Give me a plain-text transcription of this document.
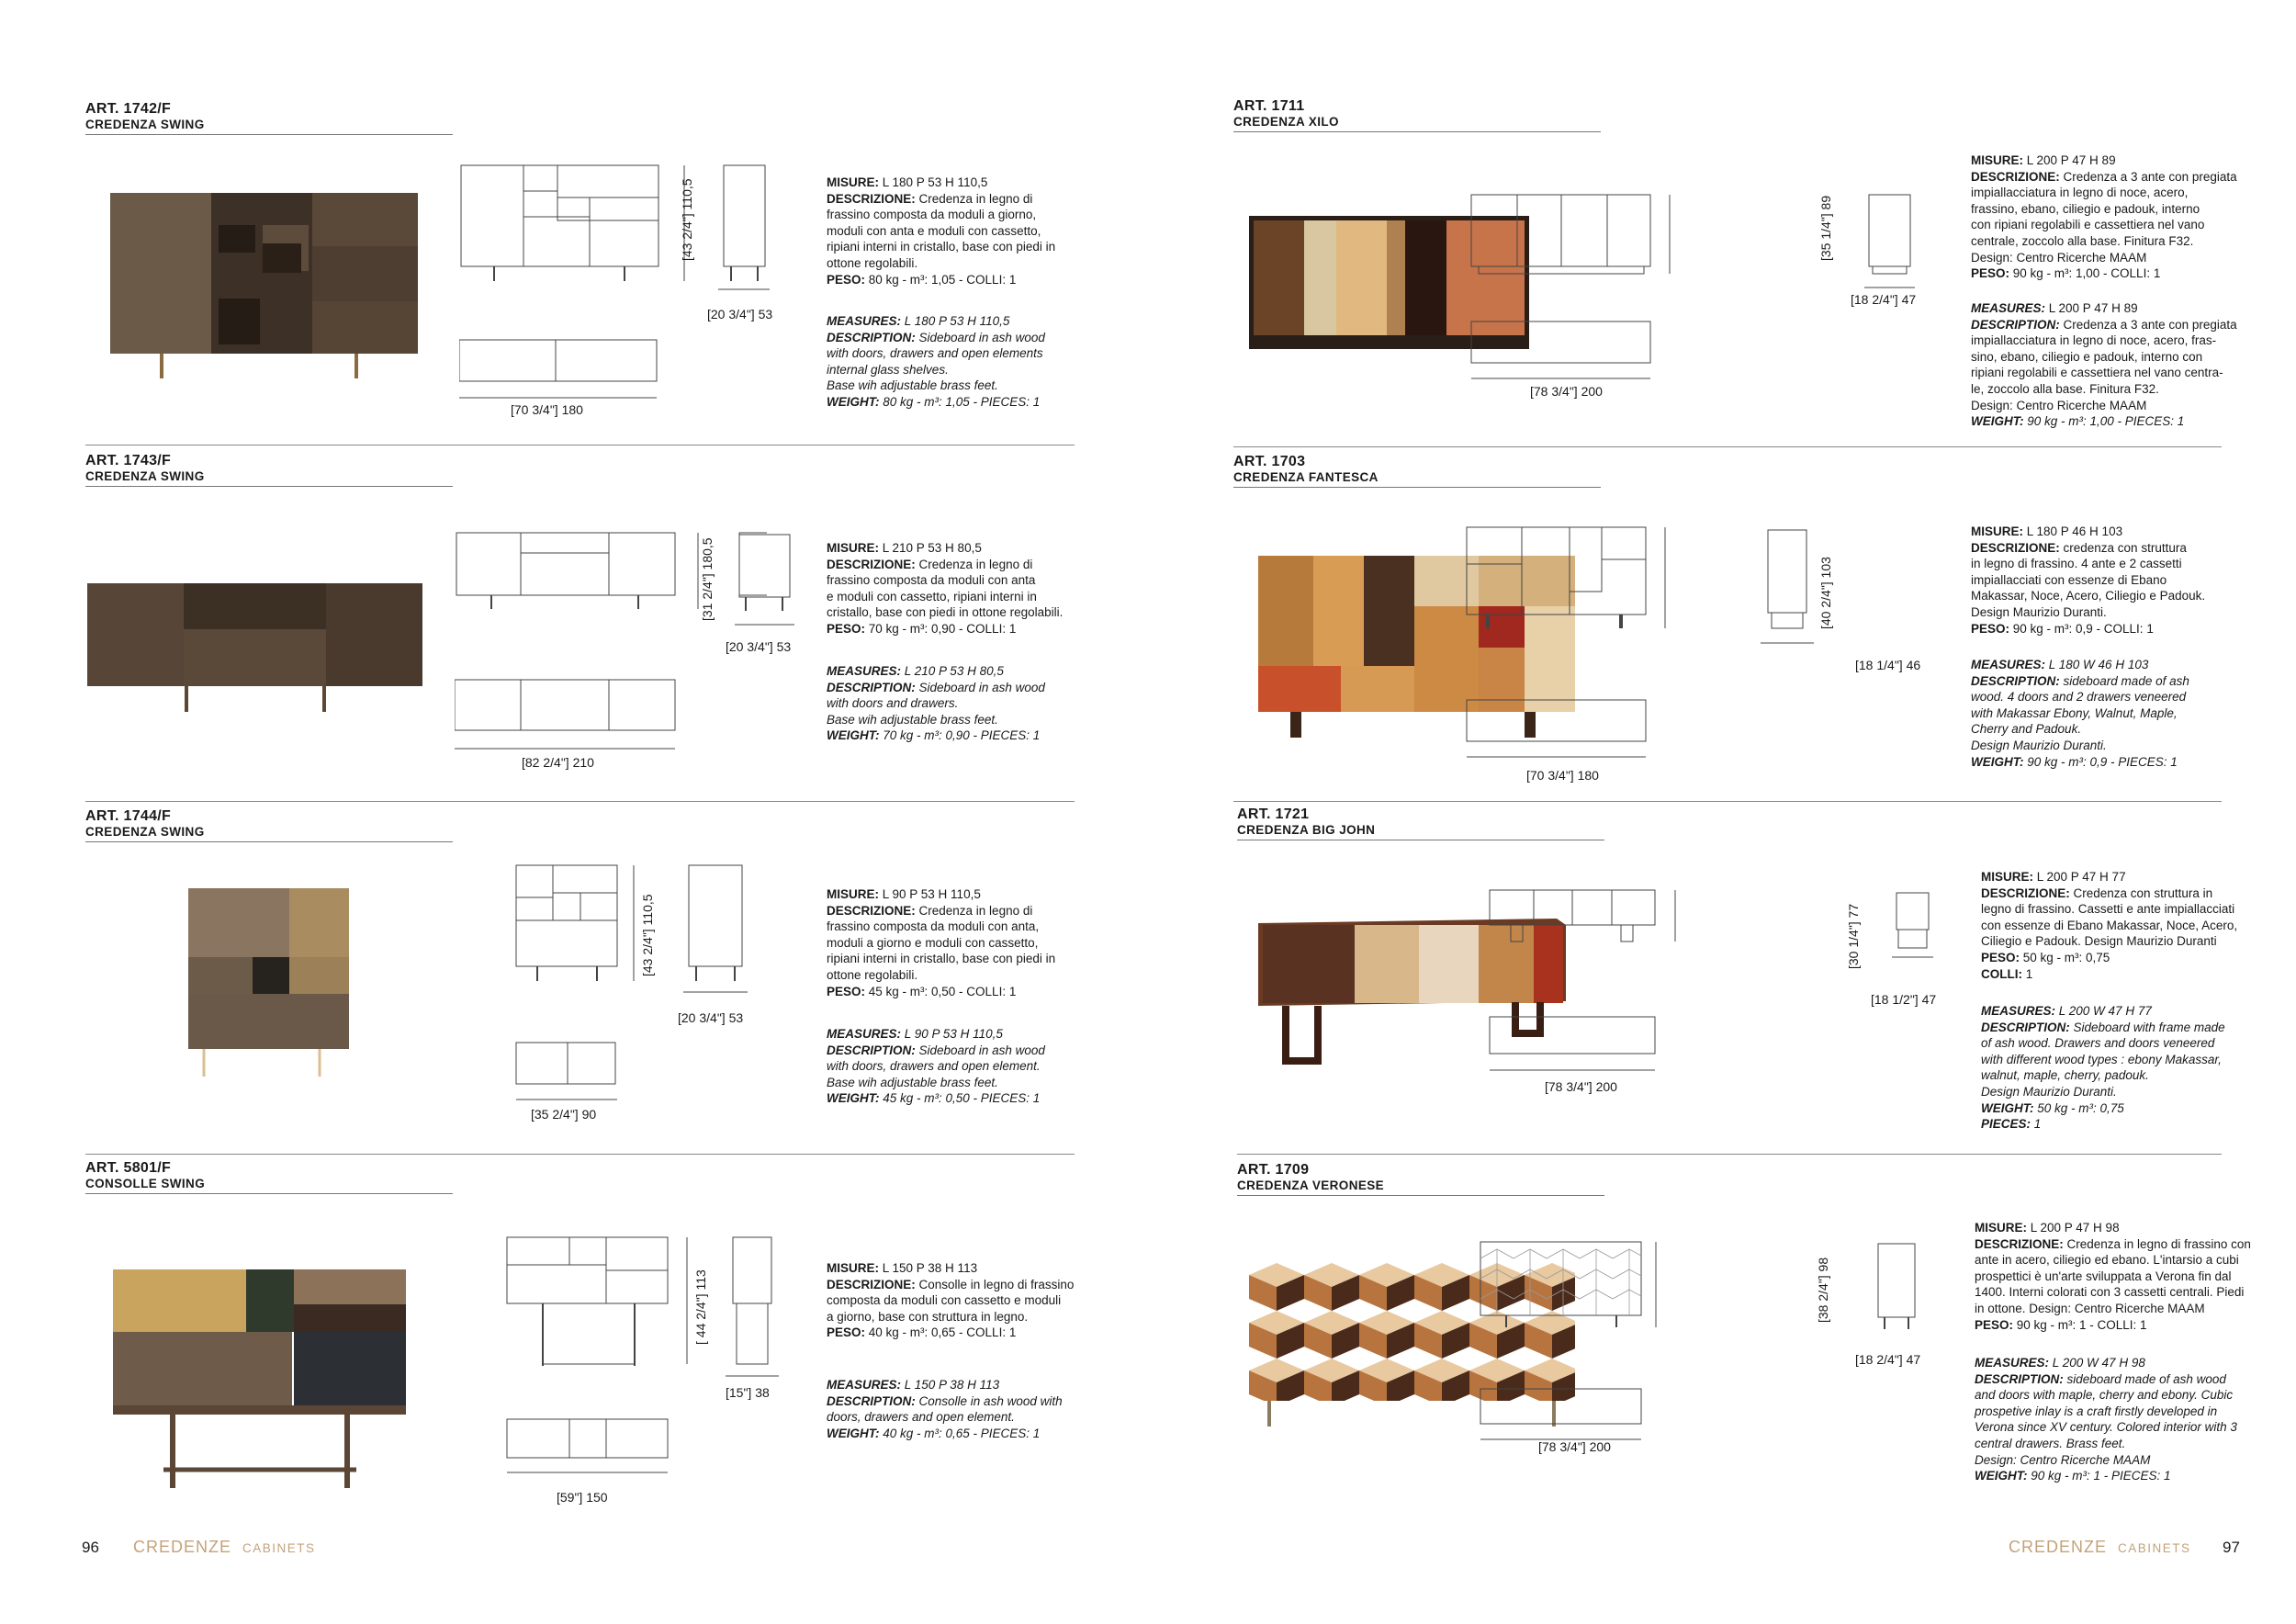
ART. 1742/F
CREDENZA SWING
[43 2/4"] 110,5
[20 3/4"] 53
[70 3/4"] 180

MISURE: L 180 P 53 H 110,5

DESCRIZIONE: Credenza in legno di

frassino composta da moduli a giorno,

moduli con anta e moduli con cassetto,

ripiani interni in cristallo, base con piedi in

ottone regolabili.

PESO: 80 kg - m³: 1,05 - COLLI: 1

MEASURES: L 180 P 53 H 110,5

DESCRIPTION: Sideboard in ash wood

with doors, drawers and open elements

internal glass shelves.

Base wih adjustable brass feet.

WEIGHT: 80 kg - m³: 1,05 - PIECES: 1

ART. 1743/F
CREDENZA SWING
[31 2/4"] 180,5
[20 3/4"] 53
[82 2/4"] 210

MISURE: L 210 P 53 H 80,5

DESCRIZIONE: Credenza in legno di

frassino composta da moduli con anta

e moduli con cassetto, ripiani interni in

cristallo, base con piedi in ottone regolabili.

PESO: 70 kg - m³: 0,90 - COLLI: 1

MEASURES: L 210 P 53 H 80,5

DESCRIPTION: Sideboard in ash wood

with doors and drawers.

Base wih adjustable brass feet.

WEIGHT: 70 kg - m³: 0,90 - PIECES: 1

ART. 1744/F
CREDENZA SWING
[43 2/4"] 110,5
[20 3/4"] 53
[35 2/4"] 90

MISURE: L 90 P 53 H 110,5

DESCRIZIONE: Credenza in legno di

frassino composta da moduli con anta,

moduli a giorno e moduli con cassetto,

ripiani interni in cristallo, base con piedi in

ottone regolabili.

PESO: 45 kg - m³: 0,50 - COLLI: 1

MEASURES: L 90 P 53 H 110,5

DESCRIPTION: Sideboard in ash wood

with doors, drawers and open element.

Base wih adjustable brass feet.

WEIGHT: 45 kg - m³: 0,50 - PIECES: 1

ART. 5801/F
CONSOLLE SWING
[ 44 2/4"] 113
[15"] 38
[59"] 150

MISURE: L 150 P 38 H 113

DESCRIZIONE: Consolle in legno di frassino

composta da moduli con cassetto e moduli

a giorno, base con struttura in legno.

PESO: 40 kg - m³: 0,65 - COLLI: 1

MEASURES: L 150 P 38 H 113

DESCRIPTION: Consolle in ash wood with

doors, drawers and open element.

WEIGHT: 40 kg - m³: 0,65 - PIECES: 1

96 CREDENZE CABINETS
ART. 1711
CREDENZA XILO
[35 1/4"] 89
[18 2/4"] 47
[78 3/4"] 200

MISURE: L 200 P 47 H 89

DESCRIZIONE: Credenza a 3 ante con pregiata

impiallacciatura in legno di noce, acero,

frassino, ebano, ciliegio e padouk, interno

con ripiani regolabili e cassettiera nel vano

centrale, zoccolo alla base. Finitura F32.

Design: Centro Ricerche MAAM

PESO: 90 kg - m³: 1,00 - COLLI: 1

MEASURES: L 200 P 47 H 89

DESCRIPTION: Credenza a 3 ante con pregiata

impiallacciatura in legno di noce, acero, fras-

sino, ebano, ciliegio e padouk, interno con

ripiani regolabili e cassettiera nel vano centra-

le, zoccolo alla base. Finitura F32.

Design: Centro Ricerche MAAM

WEIGHT: 90 kg - m³: 1,00 - PIECES: 1

ART. 1703
CREDENZA FANTESCA
[40 2/4"] 103
[18 1/4"] 46
[70 3/4"] 180

MISURE: L 180 P 46 H 103

DESCRIZIONE: credenza con struttura

in legno di frassino. 4 ante e 2 cassetti

impiallacciati con essenze di Ebano

Makassar, Noce, Acero, Ciliegio e Padouk.

Design Maurizio Duranti.

PESO: 90 kg - m³: 0,9 - COLLI: 1

MEASURES: L 180 W 46 H 103

DESCRIPTION: sideboard made of ash

wood. 4 doors and 2 drawers veneered

with Makassar Ebony, Walnut, Maple,

Cherry and Padouk.

Design Maurizio Duranti.

WEIGHT: 90 kg - m³: 0,9 - PIECES: 1

ART. 1721
CREDENZA BIG JOHN
[30 1/4"] 77
[18 1/2"] 47
[78 3/4"] 200

MISURE: L 200 P 47 H 77

DESCRIZIONE: Credenza con struttura in

legno di frassino. Cassetti e ante impiallacciati

con essenze di Ebano Makassar, Noce, Acero,

Ciliegio e Padouk. Design Maurizio Duranti

PESO: 50 kg - m³: 0,75

COLLI: 1

MEASURES: L 200 W 47 H 77

DESCRIPTION: Sideboard with frame made

of ash wood. Drawers and doors veneered

with different wood types : ebony Makassar,

walnut, maple, cherry, padouk.

Design Maurizio Duranti.

WEIGHT: 50 kg - m³: 0,75

PIECES: 1

ART. 1709
CREDENZA VERONESE
[38 2/4"] 98
[18 2/4"] 47
[78 3/4"] 200

MISURE: L 200 P 47 H 98

DESCRIZIONE: Credenza in legno di frassino con

ante in acero, ciliegio ed ebano. L'intarsio a cubi

prospettici è un'arte sviluppata a Verona fin dal

1400. Interni colorati con 3 cassetti centrali. Piedi

in ottone. Design: Centro Ricerche MAAM

PESO: 90 kg - m³: 1 - COLLI: 1

MEASURES: L 200 W 47 H 98

DESCRIPTION: sideboard made of ash wood

and doors with maple, cherry and ebony. Cubic

prospetive inlay is a craft firstly developed in

Verona since XV century. Colored interior with 3

central drawers. Brass feet.

Design: Centro Ricerche MAAM

WEIGHT: 90 kg - m³: 1 - PIECES: 1

CREDENZE CABINETS 97
